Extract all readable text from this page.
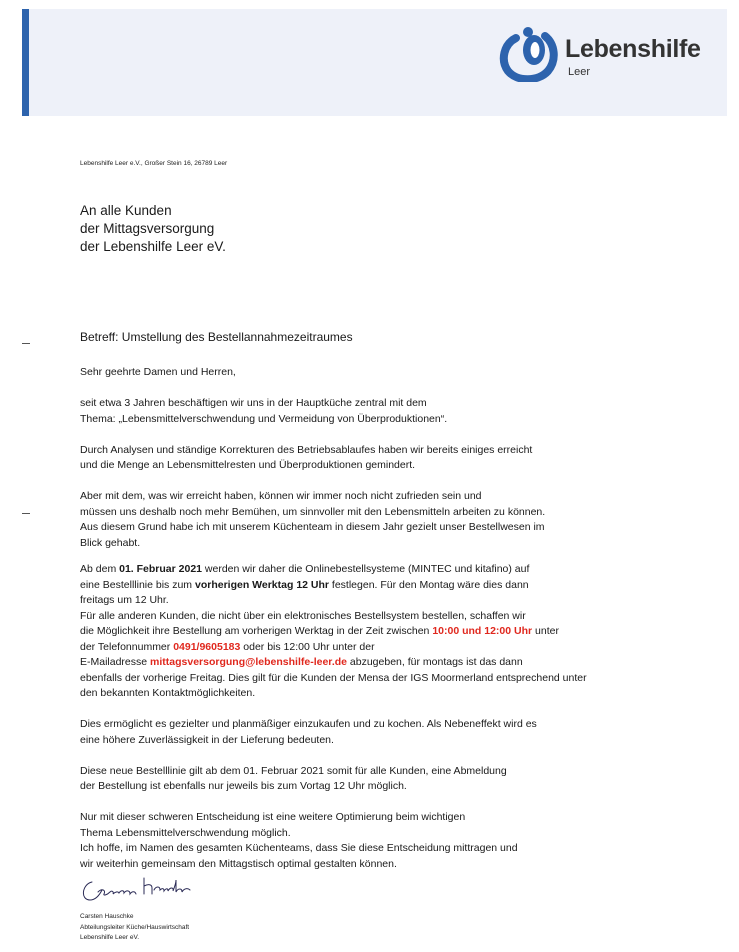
Lebenshilfe
Leer
Lebenshilfe Leer e.V., Großer Stein 16, 26789 Leer
An alle Kunden
der Mittagsversorgung
der Lebenshilfe Leer eV.
Betreff: Umstellung des Bestellannahmezeitraumes

Sehr geehrte Damen und Herren,

seit etwa 3 Jahren beschäftigen wir uns in der Hauptküche zentral mit dem

Thema: „Lebensmittelverschwendung und Vermeidung von Überproduktionen“.

Durch Analysen und ständige Korrekturen des Betriebsablaufes haben wir bereits einiges erreicht

und die Menge an Lebensmittelresten und Überproduktionen gemindert.

Aber mit dem, was wir erreicht haben, können wir immer noch nicht zufrieden sein und

müssen uns deshalb noch mehr Bemühen, um sinnvoller mit den Lebensmitteln arbeiten zu können.

Aus diesem Grund habe ich mit unserem Küchenteam in diesem Jahr gezielt unser Bestellwesen im

Blick gehabt.

Ab dem 01. Februar 2021 werden wir daher die Onlinebestellsysteme (MINTEC und kitafino) auf

eine Bestelllinie bis zum vorherigen Werktag 12 Uhr festlegen. Für den Montag wäre dies dann

freitags um 12 Uhr.

Für alle anderen Kunden, die nicht über ein elektronisches Bestellsystem bestellen, schaffen wir

die Möglichkeit ihre Bestellung am vorherigen Werktag in der Zeit zwischen 10:00 und 12:00 Uhr unter

der Telefonnummer 0491/9605183 oder bis 12:00 Uhr unter der

E-Mailadresse mittagsversorgung@lebenshilfe-leer.de abzugeben, für montags ist das dann

ebenfalls der vorherige Freitag. Dies gilt für die Kunden der Mensa der IGS Moormerland entsprechend unter

den bekannten Kontaktmöglichkeiten.

Dies ermöglicht es gezielter und planmäßiger einzukaufen und zu kochen. Als Nebeneffekt wird es

eine höhere Zuverlässigkeit in der Lieferung bedeuten.

Diese neue Bestelllinie gilt ab dem 01. Februar 2021 somit für alle Kunden, eine Abmeldung

der Bestellung ist ebenfalls nur jeweils bis zum Vortag 12 Uhr möglich.

Nur mit dieser schweren Entscheidung ist eine weitere Optimierung beim wichtigen

Thema Lebensmittelverschwendung möglich.

Ich hoffe, im Namen des gesamten Küchenteams, dass Sie diese Entscheidung mittragen und

wir weiterhin gemeinsam den Mittagstisch optimal gestalten können.

Carsten Hauschke
Abteilungsleiter Küche/Hauswirtschaft
Lebenshilfe Leer eV.
